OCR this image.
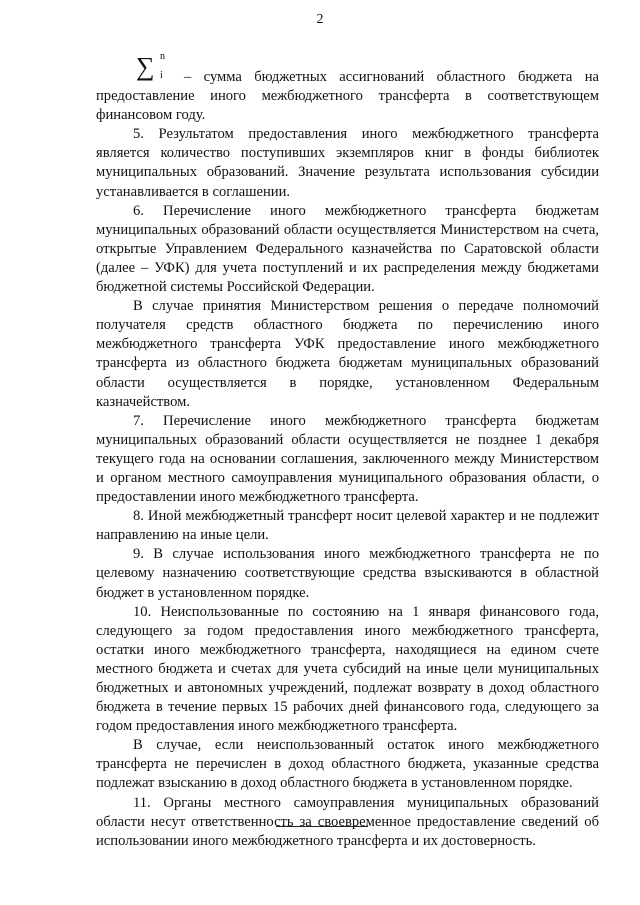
2

∑ n
i – сумма бюджетных ассигнований областного бюджета на предоставление иного межбюджетного трансферта в соответствующем финансовом году.

5. Результатом предоставления иного межбюджетного трансферта является количество поступивших экземпляров книг в фонды библиотек муниципальных образований. Значение результата использования субсидии устанавливается в соглашении.

6. Перечисление иного межбюджетного трансферта бюджетам муниципальных образований области осуществляется Министерством на счета, открытые Управлением Федерального казначейства по Саратовской области (далее – УФК) для учета поступлений и их распределения между бюджетами бюджетной системы Российской Федерации.

В случае принятия Министерством решения о передаче полномочий получателя средств областного бюджета по перечислению иного межбюджетного трансферта УФК предоставление иного межбюджетного трансферта из областного бюджета бюджетам муниципальных образований области осуществляется в порядке, установленном Федеральным казначейством.

7. Перечисление иного межбюджетного трансферта бюджетам муниципальных образований области осуществляется не позднее 1 декабря текущего года на основании соглашения, заключенного между Министерством и органом местного самоуправления муниципального образования области, о предоставлении иного межбюджетного трансферта.

8. Иной межбюджетный трансферт носит целевой характер и не подлежит направлению на иные цели.

9. В случае использования иного межбюджетного трансферта не по целевому назначению соответствующие средства взыскиваются в областной бюджет в установленном порядке.

10. Неиспользованные по состоянию на 1 января финансового года, следующего за годом предоставления иного межбюджетного трансферта, остатки иного межбюджетного трансферта, находящиеся на едином счете местного бюджета и счетах для учета субсидий на иные цели муниципальных бюджетных и автономных учреждений, подлежат возврату в доход областного бюджета в течение первых 15 рабочих дней финансового года, следующего за годом предоставления иного межбюджетного трансферта.

В случае, если неиспользованный остаток иного межбюджетного трансферта не перечислен в доход областного бюджета, указанные средства подлежат взысканию в доход областного бюджета в установленном порядке.

11. Органы местного самоуправления муниципальных образований области несут ответственность за своевременное предоставление сведений об использовании иного межбюджетного трансферта и их достоверность.
